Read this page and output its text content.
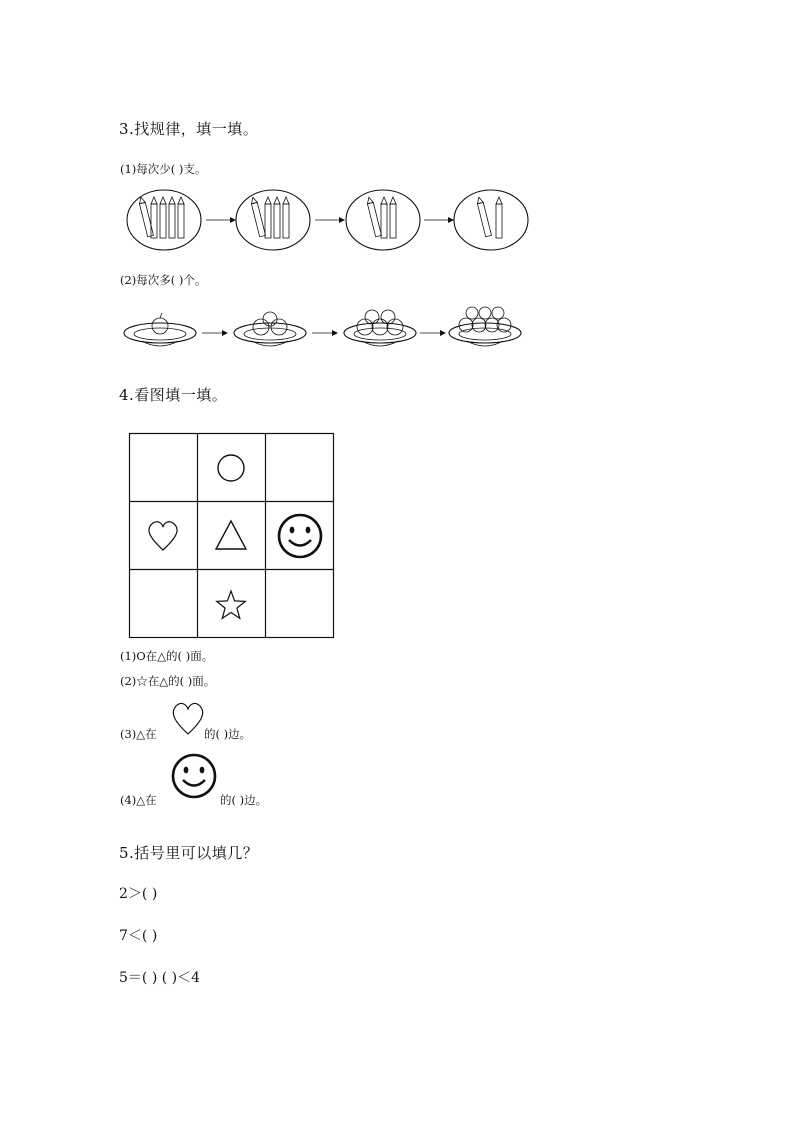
3.找规律，填一填。
(1)每次少( )支。
(2)每次多( )个。
4.看图填一填。
(1)O在△的( )面。
(2)☆在△的( )面。
(3)△在	的( )边。
(4)△在	的( )边。
5.括号里可以填几？
2＞( )
7＜( )
5＝( ) ( )＜4
